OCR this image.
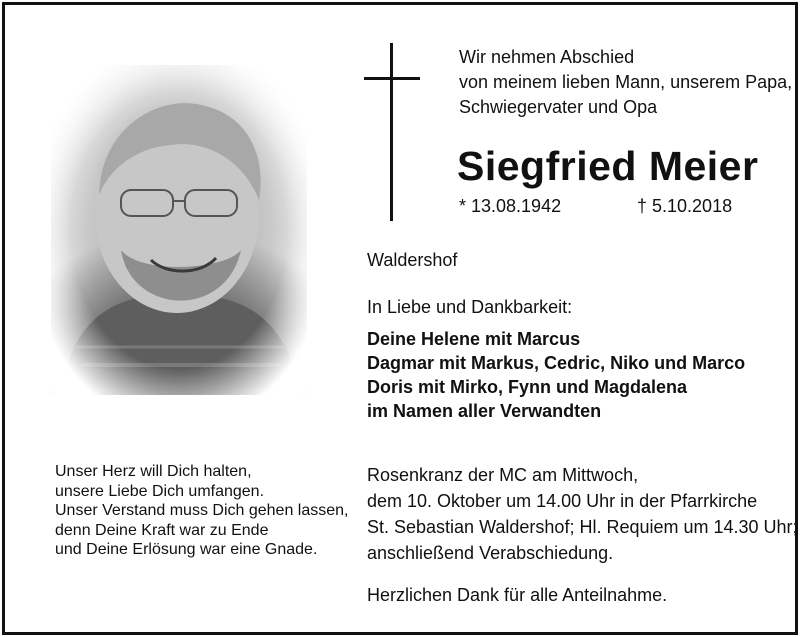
Wir nehmen Abschied
von meinem lieben Mann, unserem Papa,
Schwiegervater und Opa
Siegfried Meier
* 13.08.1942	† 5.10.2018
Waldershof
In Liebe und Dankbarkeit:
Deine Helene mit Marcus
Dagmar mit Markus, Cedric, Niko und Marco
Doris mit Mirko, Fynn und Magdalena
im Namen aller Verwandten
Rosenkranz der MC am Mittwoch,
dem 10. Oktober um 14.00 Uhr in der Pfarrkirche
St. Sebastian Waldershof; Hl. Requiem um 14.30 Uhr;
anschließend Verabschiedung.
Herzlichen Dank für alle Anteilnahme.
Unser Herz will Dich halten,
unsere Liebe Dich umfangen.
Unser Verstand muss Dich gehen lassen,
denn Deine Kraft war zu Ende
und Deine Erlösung war eine Gnade.
